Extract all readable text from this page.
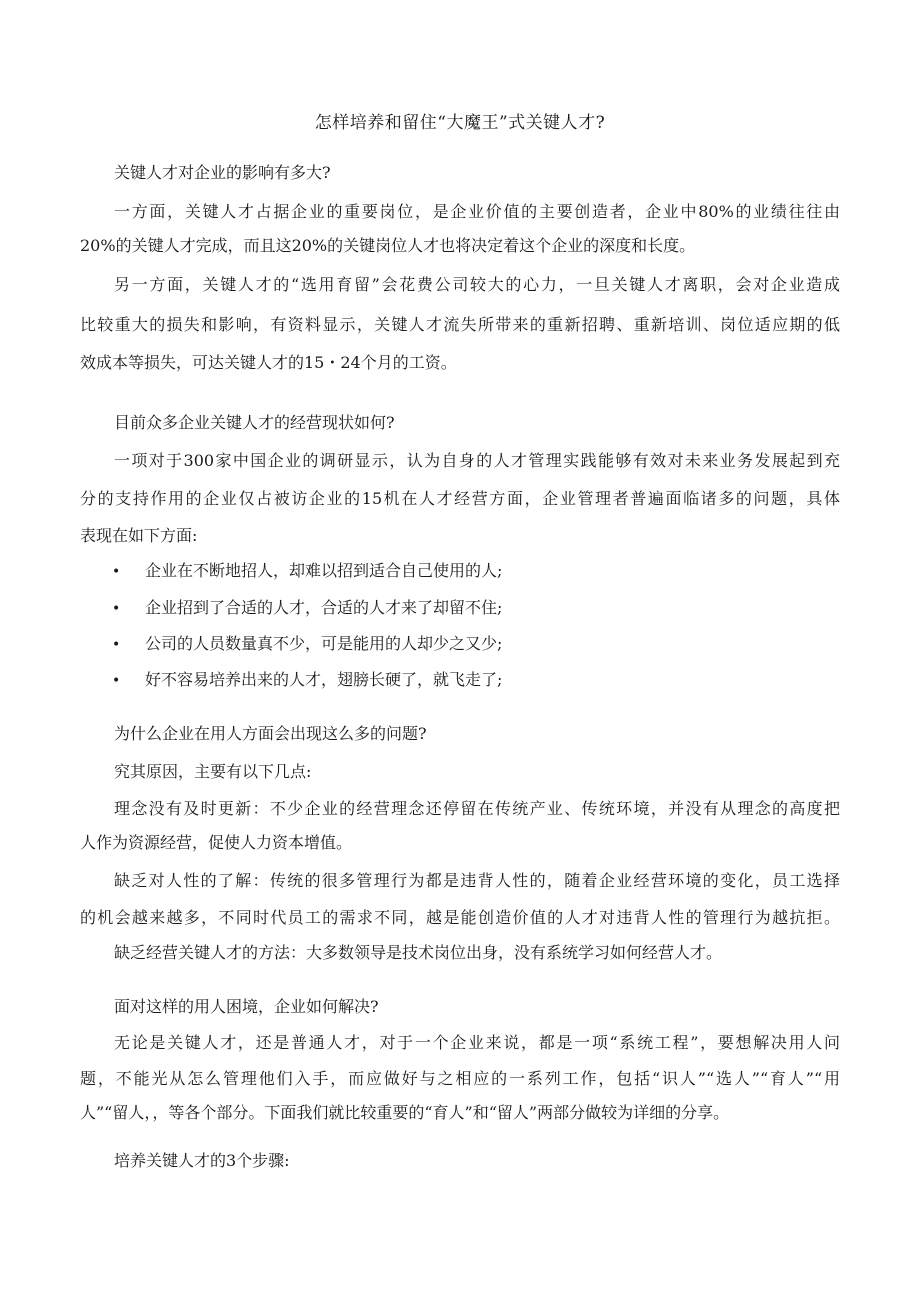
怎样培养和留住“大魔王”式关键人才?
关键人才对企业的影响有多大?
一方面，关键人才占据企业的重要岗位，是企业价值的主要创造者，企业中80%的业绩往往由
20%的关键人才完成，而且这20%的关键岗位人才也将决定着这个企业的深度和长度。
另一方面，关键人才的“选用育留”会花费公司较大的心力，一旦关键人才离职，会对企业造成
比较重大的损失和影响，有资料显示，关键人才流失所带来的重新招聘、重新培训、岗位适应期的低
效成本等损失，可达关键人才的15・24个月的工资。
目前众多企业关键人才的经营现状如何?
一项对于300家中国企业的调研显示，认为自身的人才管理实践能够有效对未来业务发展起到充
分的支持作用的企业仅占被访企业的15机在人才经营方面，企业管理者普遍面临诸多的问题，具体
表现在如下方面:
• 企业在不断地招人，却难以招到适合自己使用的人;
• 企业招到了合适的人才，合适的人才来了却留不住;
• 公司的人员数量真不少，可是能用的人却少之又少;
• 好不容易培养出来的人才，翅膀长硬了，就飞走了;
为什么企业在用人方面会出现这么多的问题?
究其原因，主要有以下几点:
理念没有及时更新：不少企业的经营理念还停留在传统产业、传统环境，并没有从理念的高度把
人作为资源经营，促使人力资本增值。
缺乏对人性的了解：传统的很多管理行为都是违背人性的，随着企业经营环境的变化，员工选择
的机会越来越多，不同时代员工的需求不同，越是能创造价值的人才对违背人性的管理行为越抗拒。
缺乏经营关键人才的方法：大多数领导是技术岗位出身，没有系统学习如何经营人才。
面对这样的用人困境，企业如何解决?
无论是关键人才，还是普通人才，对于一个企业来说，都是一项“系统工程”，要想解决用人问
题，不能光从怎么管理他们入手，而应做好与之相应的一系列工作，包括“识人”“选人”“育人”“用
人”“留人，，等各个部分。下面我们就比较重要的“育人”和“留人”两部分做较为详细的分享。
培养关键人才的3个步骤:
